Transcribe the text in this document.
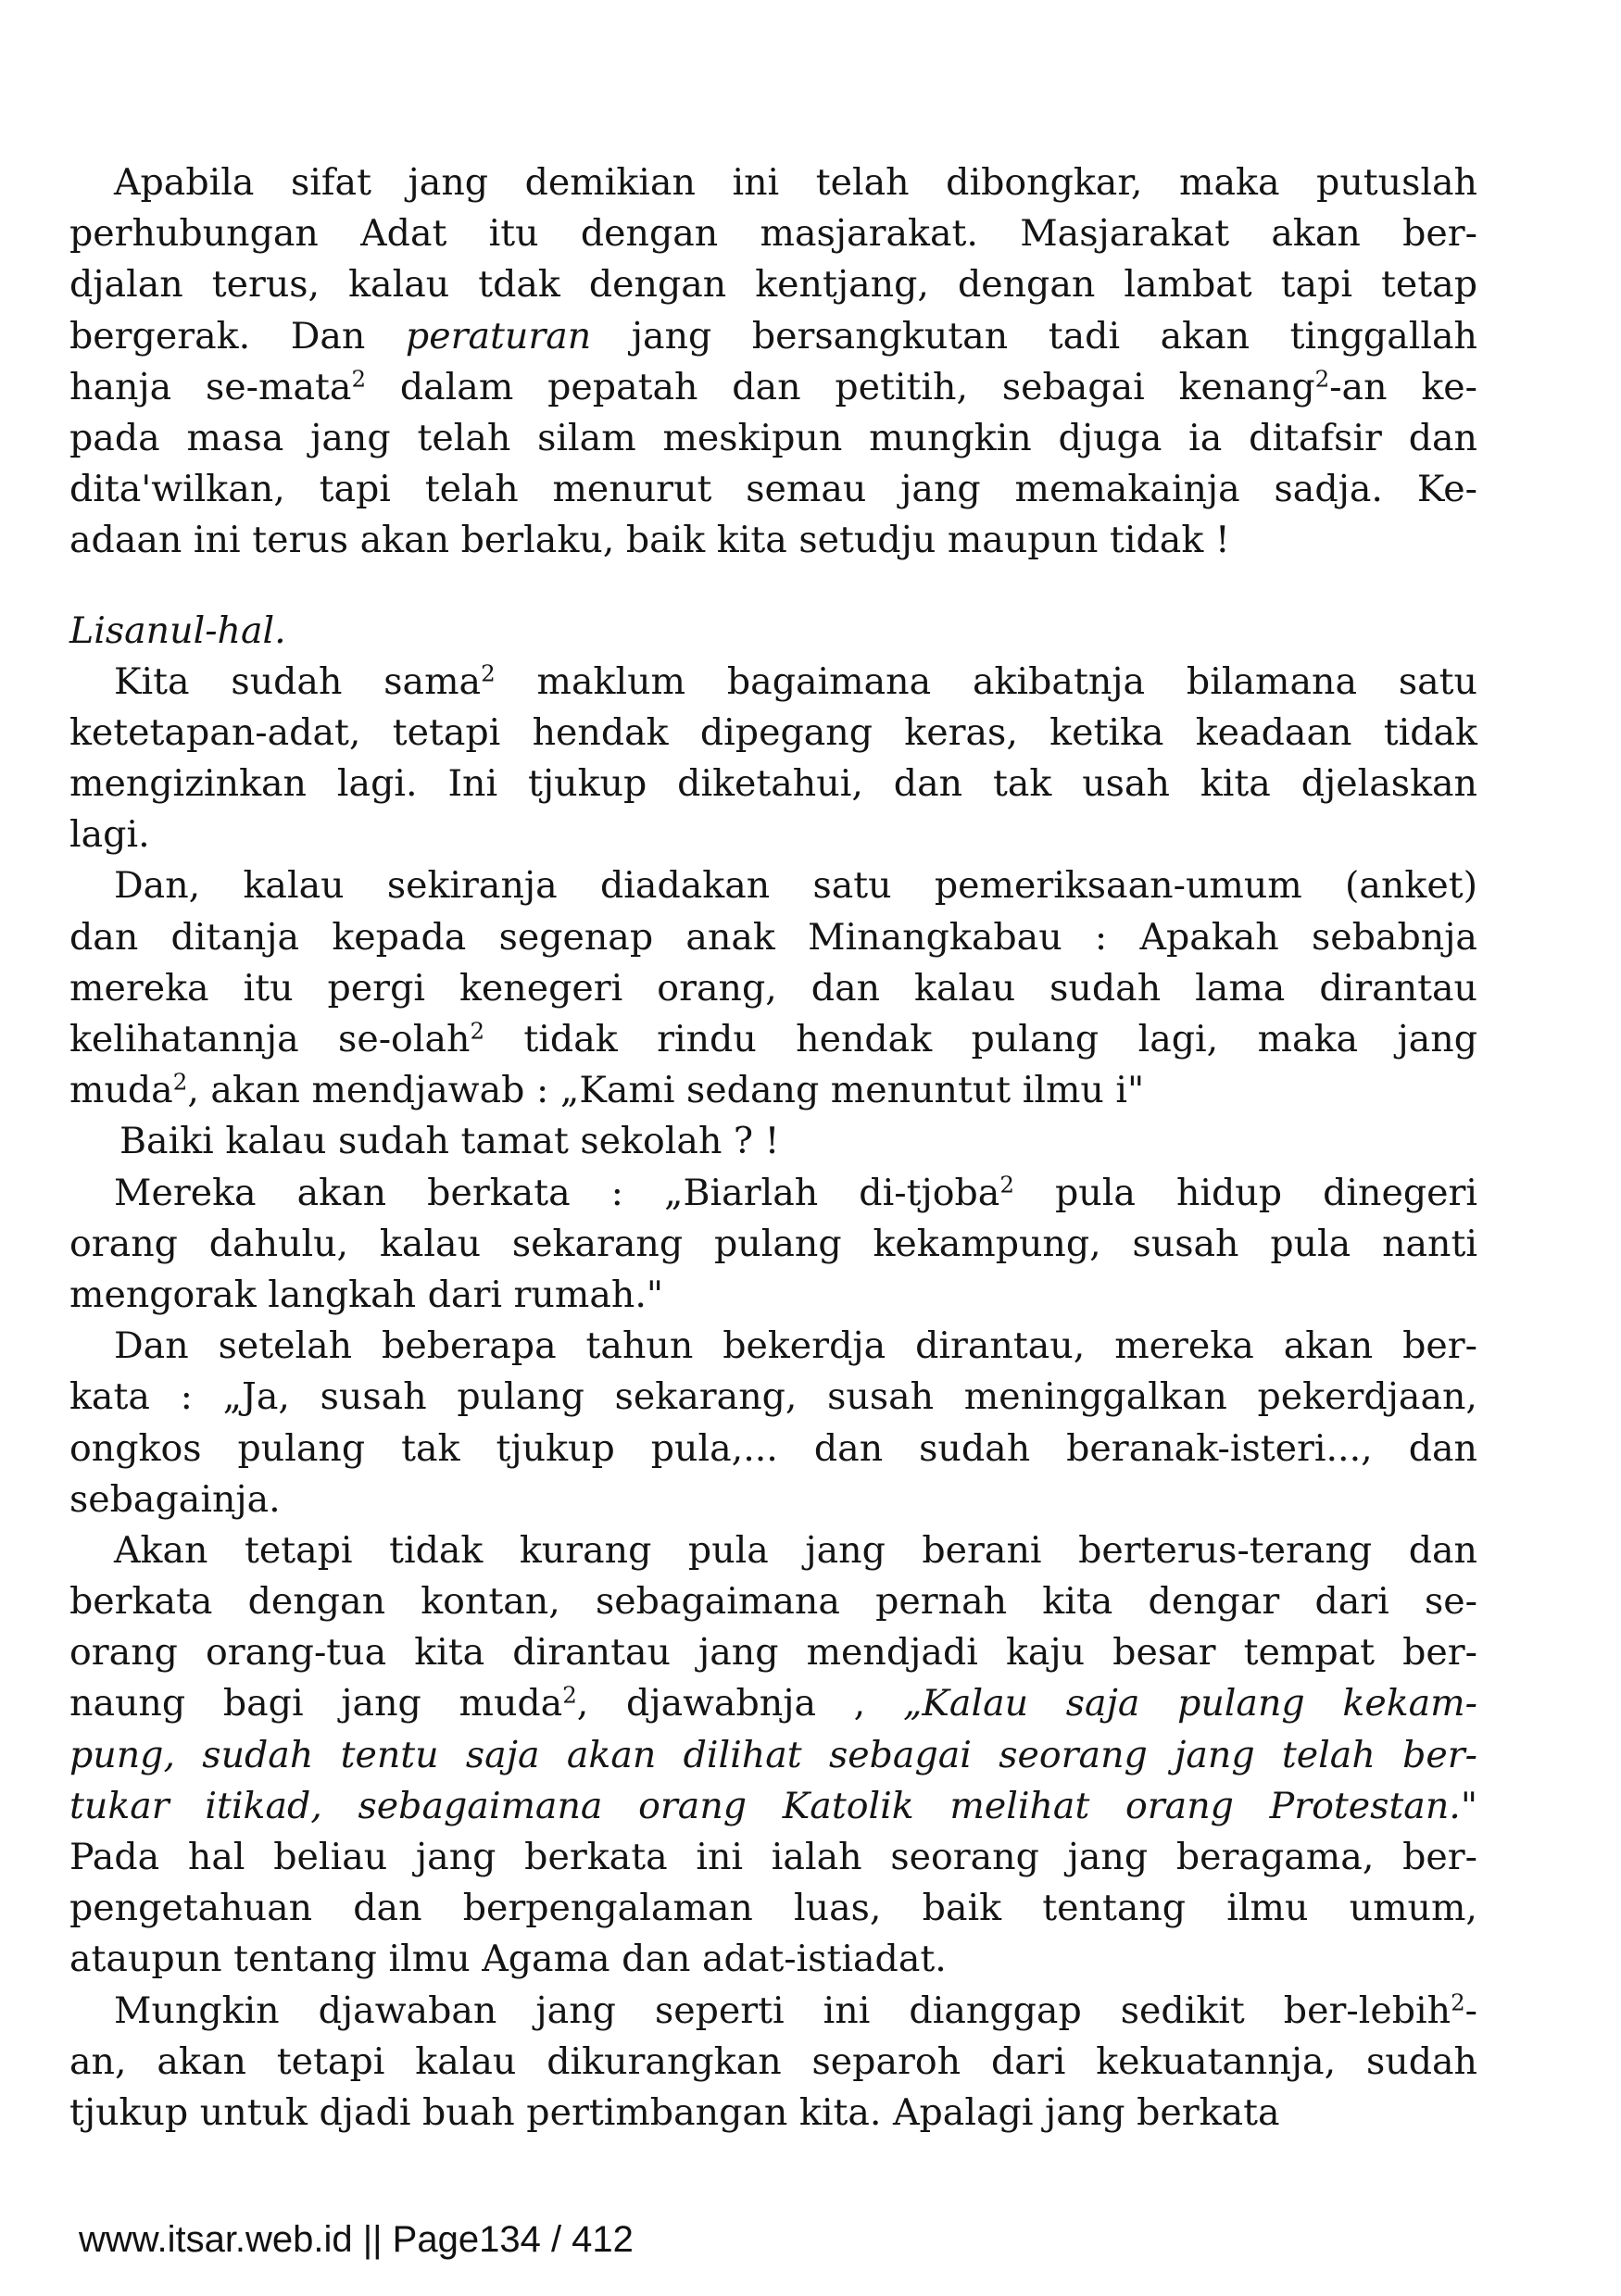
Apabila sifat jang demikian ini telah dibongkar, maka putuslah
perhubungan Adat itu dengan masjarakat. Masjarakat akan ber-
djalan terus, kalau tdak dengan kentjang, dengan lambat tapi tetap
bergerak. Dan peraturan jang bersangkutan tadi akan tinggallah
hanja se-mata$^2$ dalam pepatah dan petitih, sebagai kenang$^2$-an ke-
pada masa jang telah silam meskipun mungkin djuga ia ditafsir dan
dita'wilkan, tapi telah menurut semau jang memakainja sadja. Ke-
adaan ini terus akan berlaku, baik kita setudju maupun tidak !
Lisanul-hal.
Kita sudah sama$^2$ maklum bagaimana akibatnja bilamana satu
ketetapan-adat, tetapi hendak dipegang keras, ketika keadaan tidak
mengizinkan lagi. Ini tjukup diketahui, dan tak usah kita djelaskan
lagi.
Dan, kalau sekiranja diadakan satu pemeriksaan-umum (anket)
dan ditanja kepada segenap anak Minangkabau : Apakah sebabnja
mereka itu pergi kenegeri orang, dan kalau sudah lama dirantau
kelihatannja se-olah$^2$ tidak rindu hendak pulang lagi, maka jang
muda$^2$, akan mendjawab : „Kami sedang menuntut ilmu i"
Baiki kalau sudah tamat sekolah ? !
Mereka akan berkata : „Biarlah di-tjoba$^2$ pula hidup dinegeri
orang dahulu, kalau sekarang pulang kekampung, susah pula nanti
mengorak langkah dari rumah."
Dan setelah beberapa tahun bekerdja dirantau, mereka akan ber-
kata : „Ja, susah pulang sekarang, susah meninggalkan pekerdjaan,
ongkos pulang tak tjukup pula,... dan sudah beranak-isteri..., dan
sebagainja.
Akan tetapi tidak kurang pula jang berani berterus-terang dan
berkata dengan kontan, sebagaimana pernah kita dengar dari se-
orang orang-tua kita dirantau jang mendjadi kaju besar tempat ber-
naung bagi jang muda$^2$, djawabnja , „Kalau saja pulang kekam-
pung, sudah tentu saja akan dilihat sebagai seorang jang telah ber-
tukar itikad, sebagaimana orang Katolik melihat orang Protestan."
Pada hal beliau jang berkata ini ialah seorang jang beragama, ber-
pengetahuan dan berpengalaman luas, baik tentang ilmu umum,
ataupun tentang ilmu Agama dan adat-istiadat.
Mungkin djawaban jang seperti ini dianggap sedikit ber-lebih$^2$-
an, akan tetapi kalau dikurangkan separoh dari kekuatannja, sudah
tjukup untuk djadi buah pertimbangan kita. Apalagi jang berkata
www.itsar.web.id || Page134 / 412
